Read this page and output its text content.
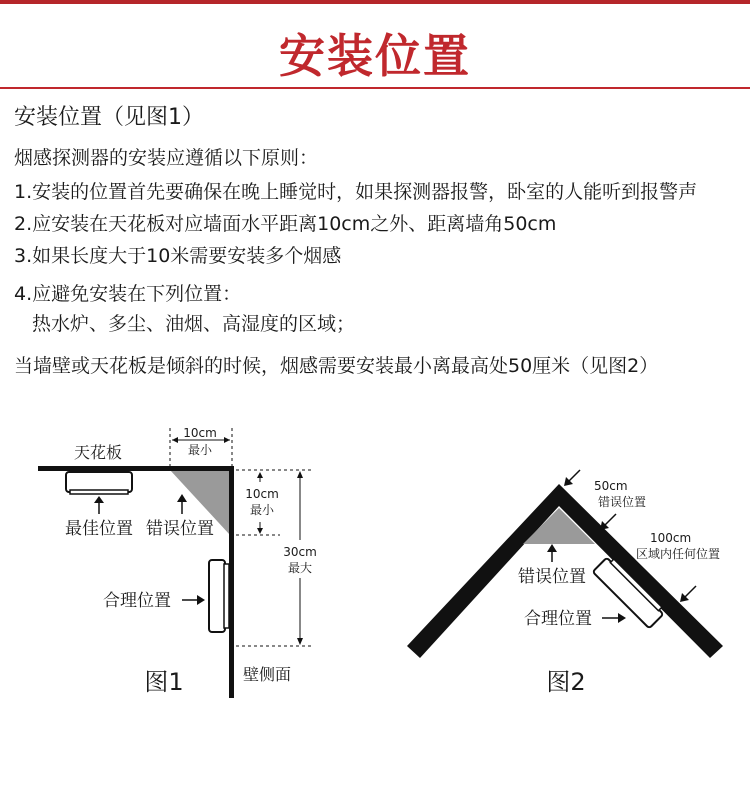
安装位置
安装位置（见图1）
烟感探测器的安装应遵循以下原则：
1.安装的位置首先要确保在晚上睡觉时，如果探测器报警，卧室的人能听到报警声
2.应安装在天花板对应墙面水平距离10cm之外、距离墙角50cm
3.如果长度大于10米需要安装多个烟感
4.应避免安装在下列位置：
热水炉、多尘、油烟、高湿度的区域；
当墙壁或天花板是倾斜的时候，烟感需要安装最小离最高处50厘米（见图2）
天花板
最佳位置 错误位置
合理位置
10cm
最小
10cm
最小
30cm
最大
壁侧面
图1
50cm
错误位置
100cm
区域内任何位置
错误位置
合理位置
图2
